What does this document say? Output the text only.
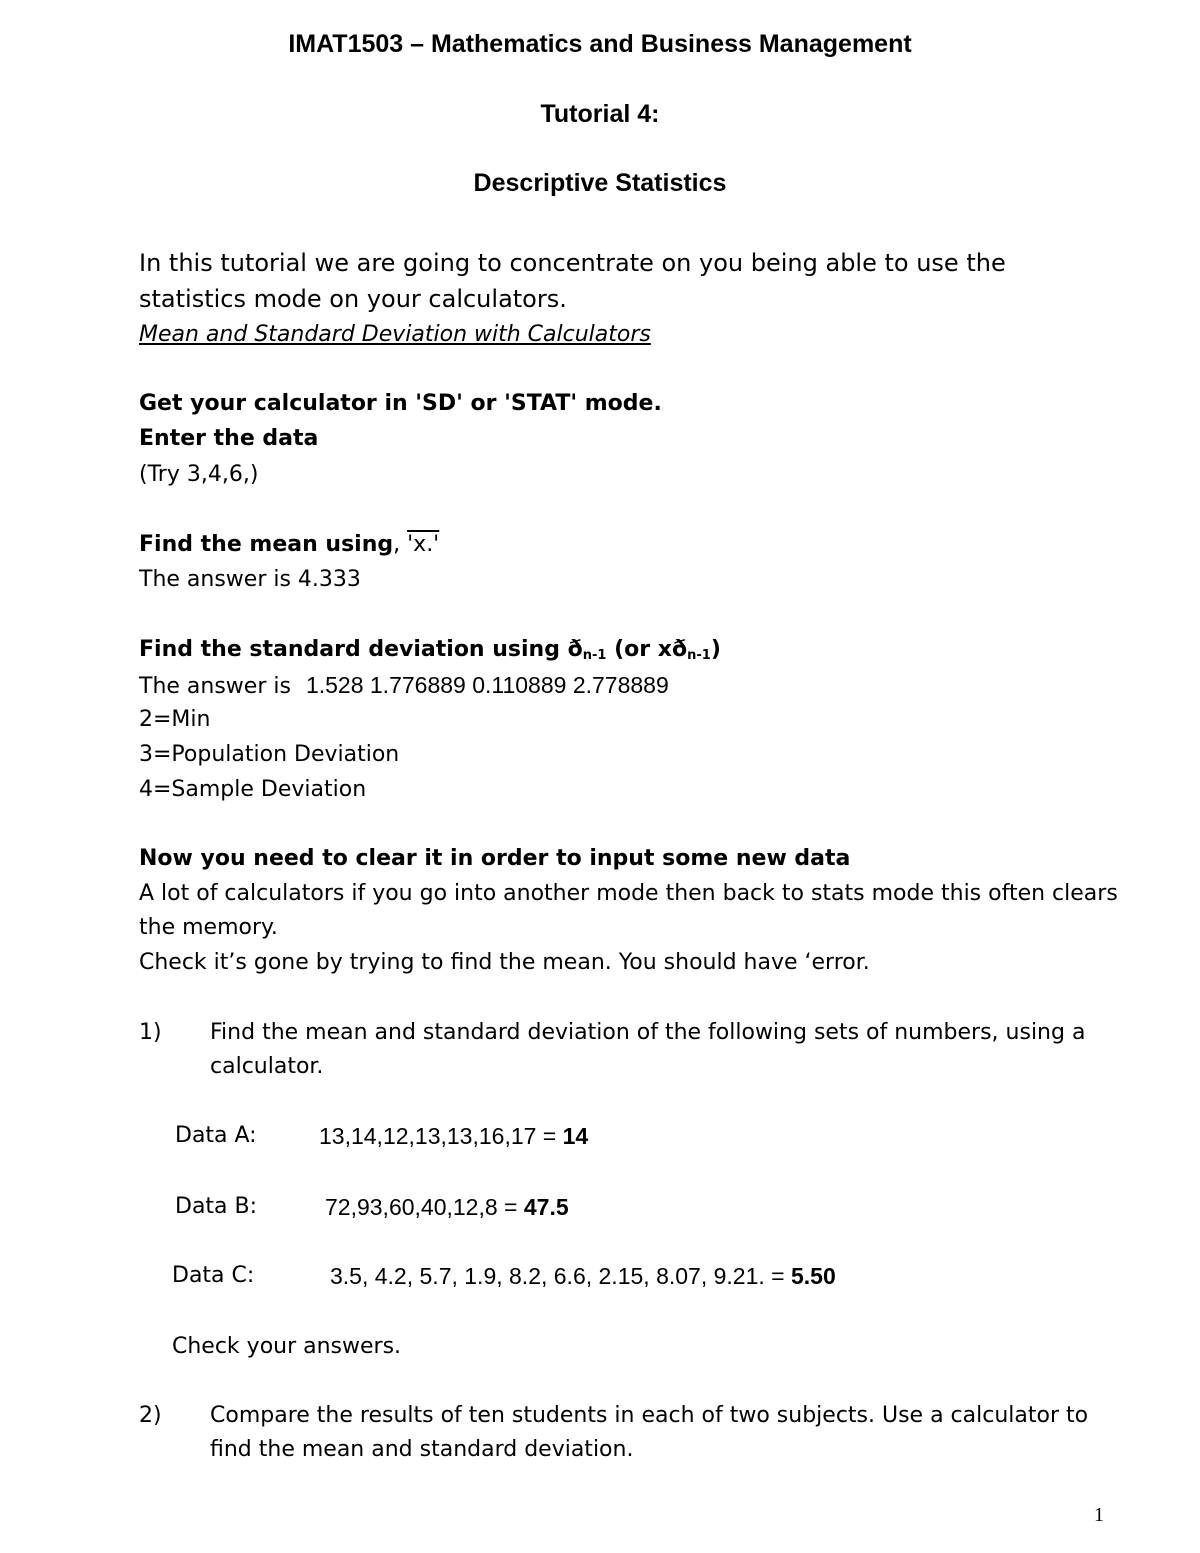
IMAT1503 – Mathematics and Business Management
Tutorial 4:
Descriptive Statistics
In this tutorial we are going to concentrate on you being able to use the
statistics mode on your calculators.
Mean and Standard Deviation with Calculators
Get your calculator in 'SD' or 'STAT' mode.
Enter the data
(Try 3,4,6,)
Find the mean using, 'x.'
The answer is 4.333
Find the standard deviation using $ð_{n-1}$ (or $xð_{n-1}$)
The answer is 1.528 1.776889 0.110889 2.778889
2=Min
3=Population Deviation
4=Sample Deviation
Now you need to clear it in order to input some new data
A lot of calculators if you go into another mode then back to stats mode this often clears
the memory.
Check it’s gone by trying to find the mean. You should have ‘error.
1) Find the mean and standard deviation of the following sets of numbers, using a
calculator.
Data A:	13,14,12,13,13,16,17 = 14
Data B:	72,93,60,40,12,8 = 47.5
Data C:	3.5, 4.2, 5.7, 1.9, 8.2, 6.6, 2.15, 8.07, 9.21. = 5.50
Check your answers.
2) Compare the results of ten students in each of two subjects. Use a calculator to
find the mean and standard deviation.
1
